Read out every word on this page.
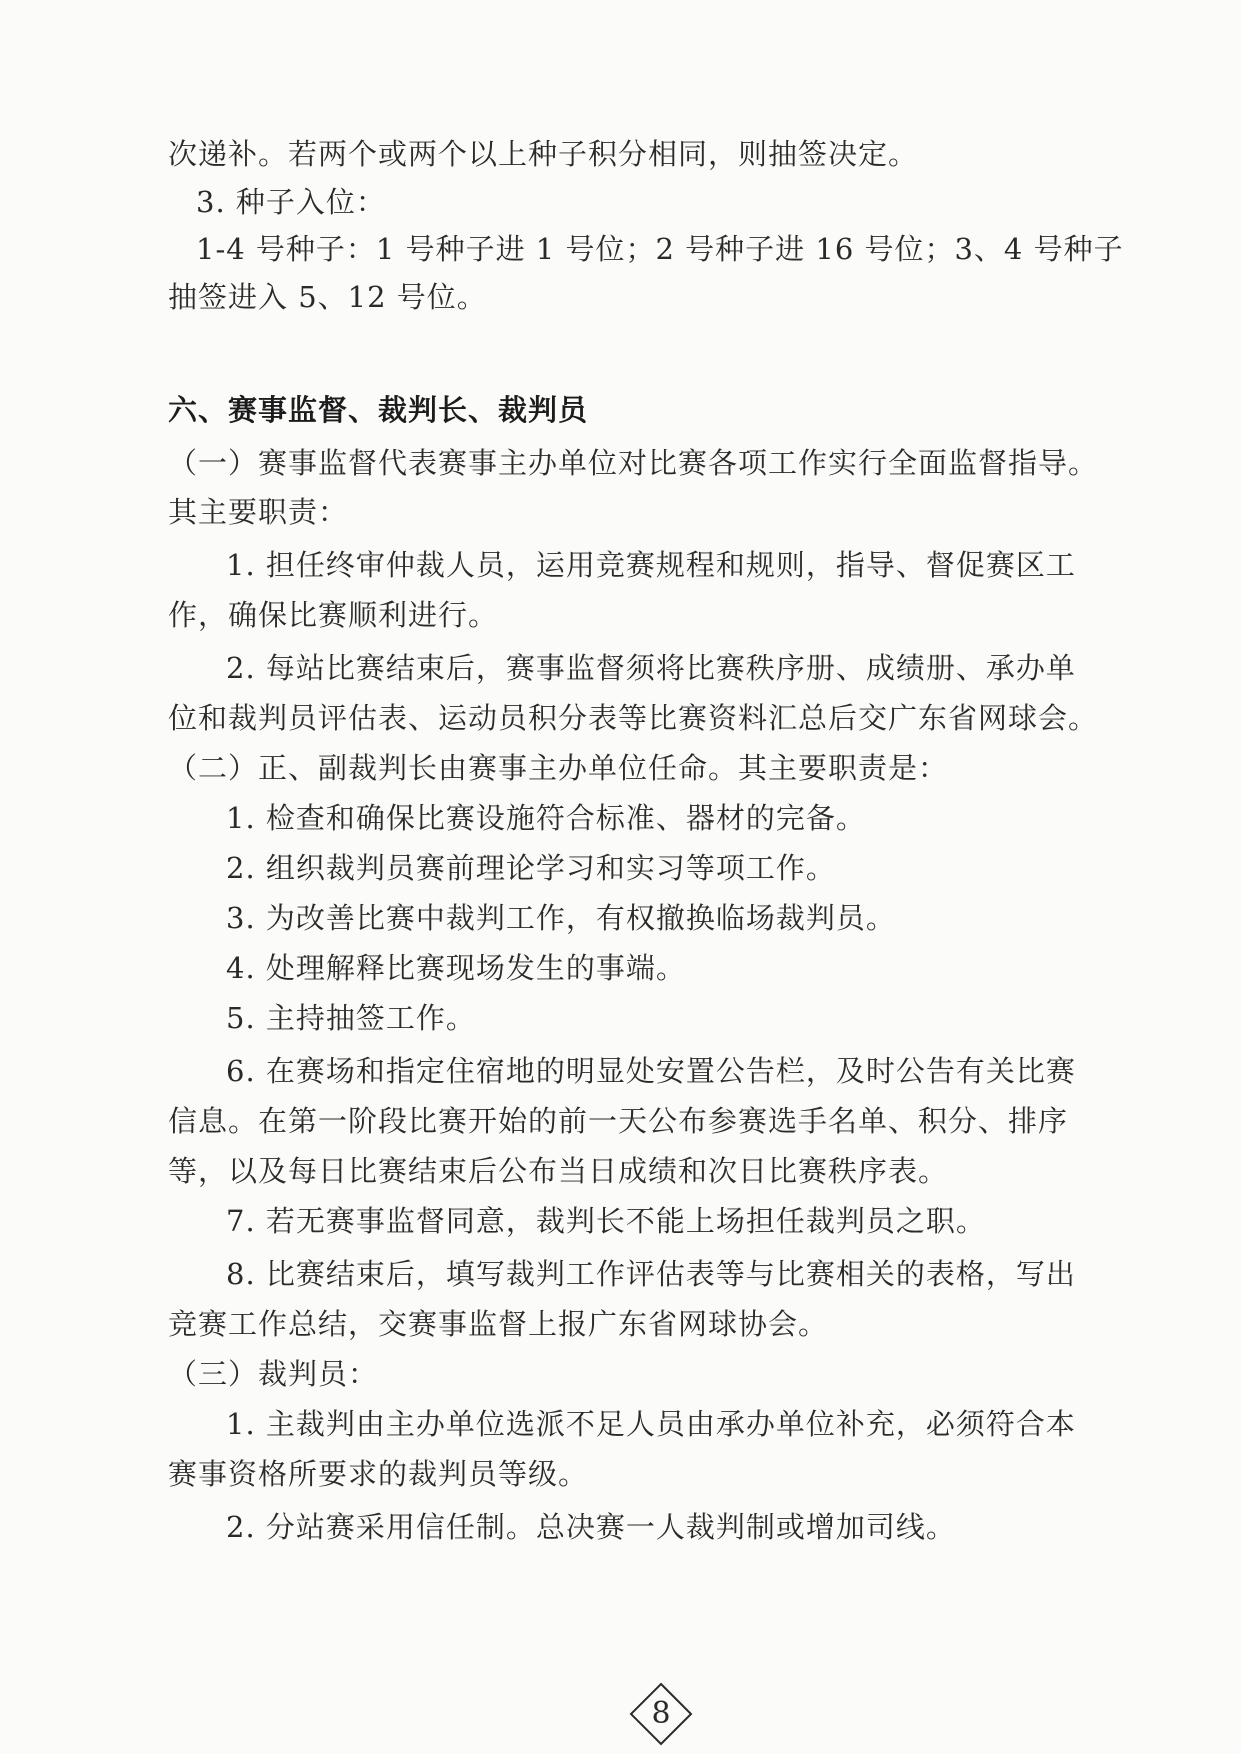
次递补。若两个或两个以上种子积分相同，则抽签决定。
3. 种子入位：
1-4 号种子：1 号种子进 1 号位；2 号种子进 16 号位；3、4 号种子
抽签进入 5、12 号位。
六、赛事监督、裁判长、裁判员
（一）赛事监督代表赛事主办单位对比赛各项工作实行全面监督指导。
其主要职责：
1. 担任终审仲裁人员，运用竞赛规程和规则，指导、督促赛区工
作，确保比赛顺利进行。
2. 每站比赛结束后，赛事监督须将比赛秩序册、成绩册、承办单
位和裁判员评估表、运动员积分表等比赛资料汇总后交广东省网球会。
（二）正、副裁判长由赛事主办单位任命。其主要职责是：
1. 检查和确保比赛设施符合标准、器材的完备。
2. 组织裁判员赛前理论学习和实习等项工作。
3. 为改善比赛中裁判工作，有权撤换临场裁判员。
4. 处理解释比赛现场发生的事端。
5. 主持抽签工作。
6. 在赛场和指定住宿地的明显处安置公告栏，及时公告有关比赛
信息。在第一阶段比赛开始的前一天公布参赛选手名单、积分、排序
等，以及每日比赛结束后公布当日成绩和次日比赛秩序表。
7. 若无赛事监督同意，裁判长不能上场担任裁判员之职。
8. 比赛结束后，填写裁判工作评估表等与比赛相关的表格，写出
竞赛工作总结，交赛事监督上报广东省网球协会。
（三）裁判员：
1. 主裁判由主办单位选派不足人员由承办单位补充，必须符合本
赛事资格所要求的裁判员等级。
2. 分站赛采用信任制。总决赛一人裁判制或增加司线。
8
